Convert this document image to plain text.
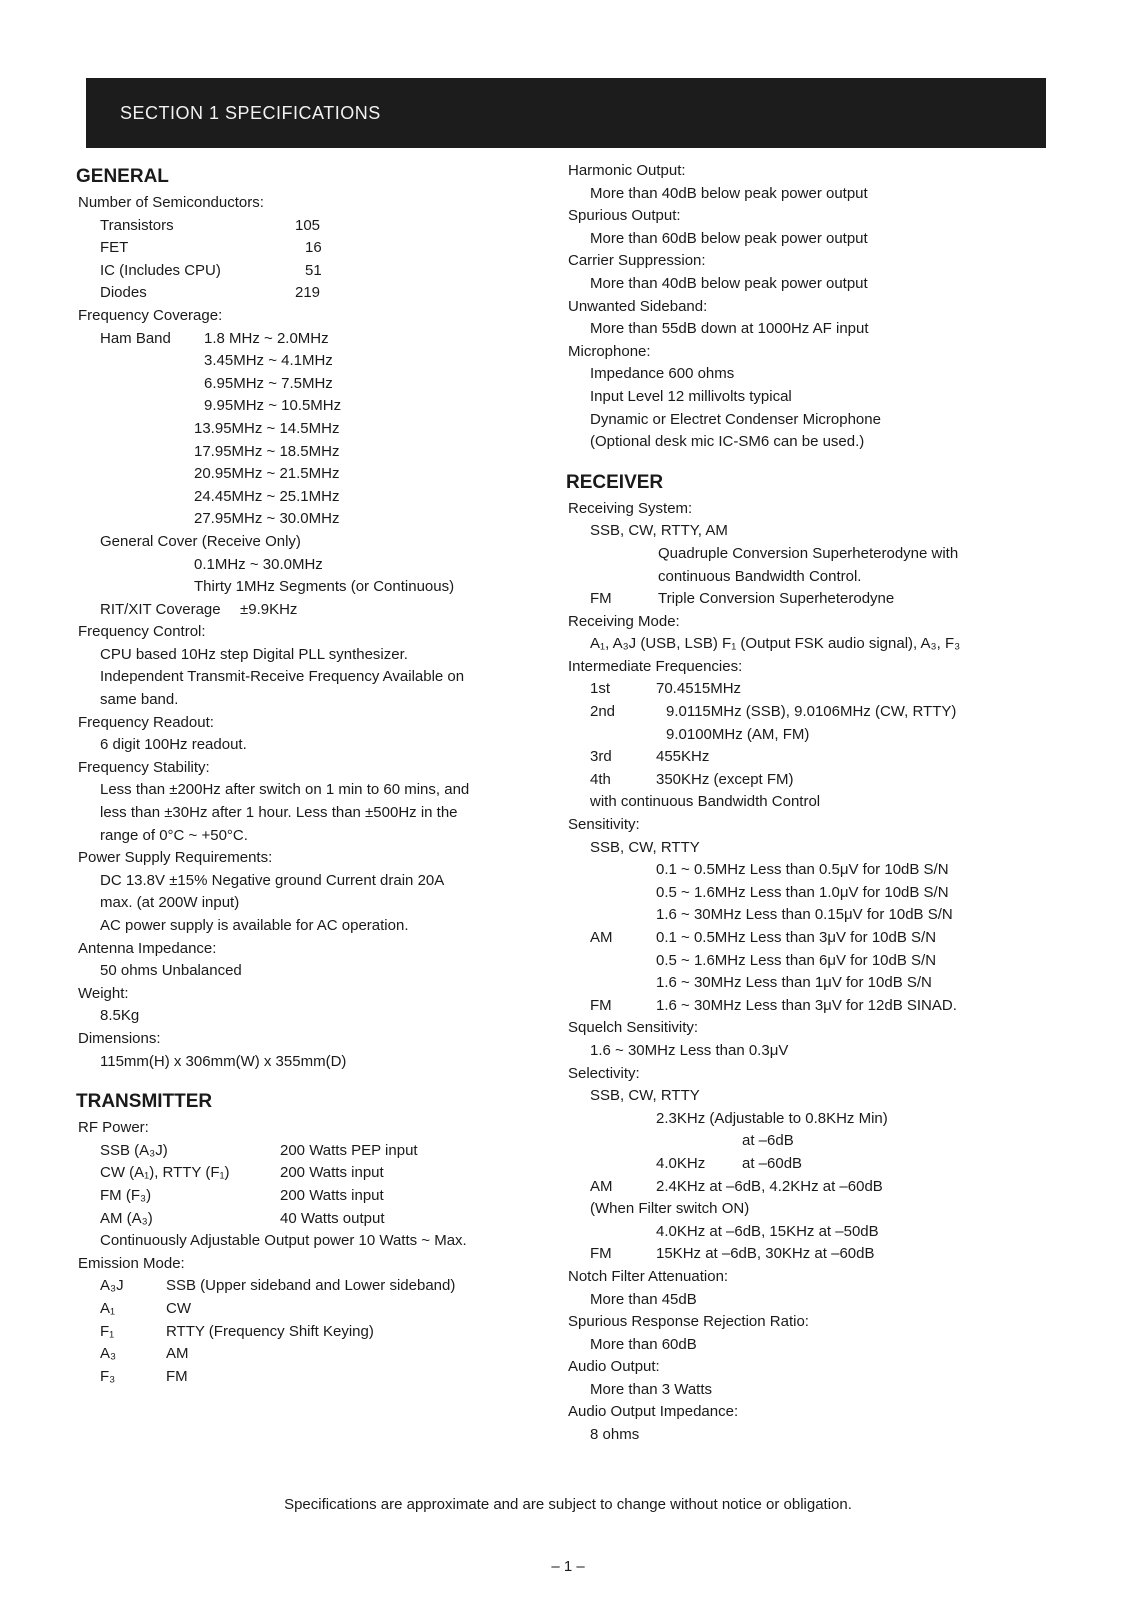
SECTION 1 SPECIFICATIONS
GENERAL
Number of Semiconductors:
Transistors	105
FET	16
IC (Includes CPU)	51
Diodes	219
Frequency Coverage:
Ham Band 1.8 MHz ~ 2.0MHz
3.45MHz ~ 4.1MHz
6.95MHz ~ 7.5MHz
9.95MHz ~ 10.5MHz
13.95MHz ~ 14.5MHz
17.95MHz ~ 18.5MHz
20.95MHz ~ 21.5MHz
24.45MHz ~ 25.1MHz
27.95MHz ~ 30.0MHz
General Cover (Receive Only)
0.1MHz ~ 30.0MHz
Thirty 1MHz Segments (or Continuous)
RIT/XIT Coverage ±9.9KHz
Frequency Control:
CPU based 10Hz step Digital PLL synthesizer.
Independent Transmit-Receive Frequency Available on
same band.
Frequency Readout:
6 digit 100Hz readout.
Frequency Stability:
Less than ±200Hz after switch on 1 min to 60 mins, and
less than ±30Hz after 1 hour. Less than ±500Hz in the
range of 0°C ~ +50°C.
Power Supply Requirements:
DC 13.8V ±15% Negative ground Current drain 20A
max. (at 200W input)
AC power supply is available for AC operation.
Antenna Impedance:
50 ohms Unbalanced
Weight:
8.5Kg
Dimensions:
115mm(H) x 306mm(W) x 355mm(D)
TRANSMITTER
RF Power:
SSB (A₃J)	200 Watts PEP input
CW (A₁), RTTY (F₁)	200 Watts input
FM (F₃)	200 Watts input
AM (A₃)	40 Watts output
Continuously Adjustable Output power 10 Watts ~ Max.
Emission Mode:
A₃J	SSB (Upper sideband and Lower sideband)
A₁	CW
F₁	RTTY (Frequency Shift Keying)
A₃	AM
F₃	FM
Harmonic Output:
More than 40dB below peak power output
Spurious Output:
More than 60dB below peak power output
Carrier Suppression:
More than 40dB below peak power output
Unwanted Sideband:
More than 55dB down at 1000Hz AF input
Microphone:
Impedance 600 ohms
Input Level 12 millivolts typical
Dynamic or Electret Condenser Microphone
(Optional desk mic IC-SM6 can be used.)
RECEIVER
Receiving System:
SSB, CW, RTTY, AM
Quadruple Conversion Superheterodyne with
continuous Bandwidth Control.
FM	Triple Conversion Superheterodyne
Receiving Mode:
A₁, A₃J (USB, LSB) F₁ (Output FSK audio signal), A₃, F₃
Intermediate Frequencies:
1st	70.4515MHz
2nd	9.0115MHz (SSB), 9.0106MHz (CW, RTTY)
9.0100MHz (AM, FM)
3rd	455KHz
4th	350KHz (except FM)
with continuous Bandwidth Control
Sensitivity:
SSB, CW, RTTY
0.1 ~ 0.5MHz Less than 0.5μV for 10dB S/N
0.5 ~ 1.6MHz Less than 1.0μV for 10dB S/N
1.6 ~ 30MHz Less than 0.15μV for 10dB S/N
AM	0.1 ~ 0.5MHz Less than 3μV for 10dB S/N
0.5 ~ 1.6MHz Less than 6μV for 10dB S/N
1.6 ~ 30MHz Less than 1μV for 10dB S/N
FM	1.6 ~ 30MHz Less than 3μV for 12dB SINAD.
Squelch Sensitivity:
1.6 ~ 30MHz Less than 0.3μV
Selectivity:
SSB, CW, RTTY
2.3KHz (Adjustable to 0.8KHz Min)
at –6dB
4.0KHz at –60dB
AM	2.4KHz at –6dB, 4.2KHz at –60dB
(When Filter switch ON)
4.0KHz at –6dB, 15KHz at –50dB
FM	15KHz at –6dB, 30KHz at –60dB
Notch Filter Attenuation:
More than 45dB
Spurious Response Rejection Ratio:
More than 60dB
Audio Output:
More than 3 Watts
Audio Output Impedance:
8 ohms
Specifications are approximate and are subject to change without notice or obligation.
– 1 –
